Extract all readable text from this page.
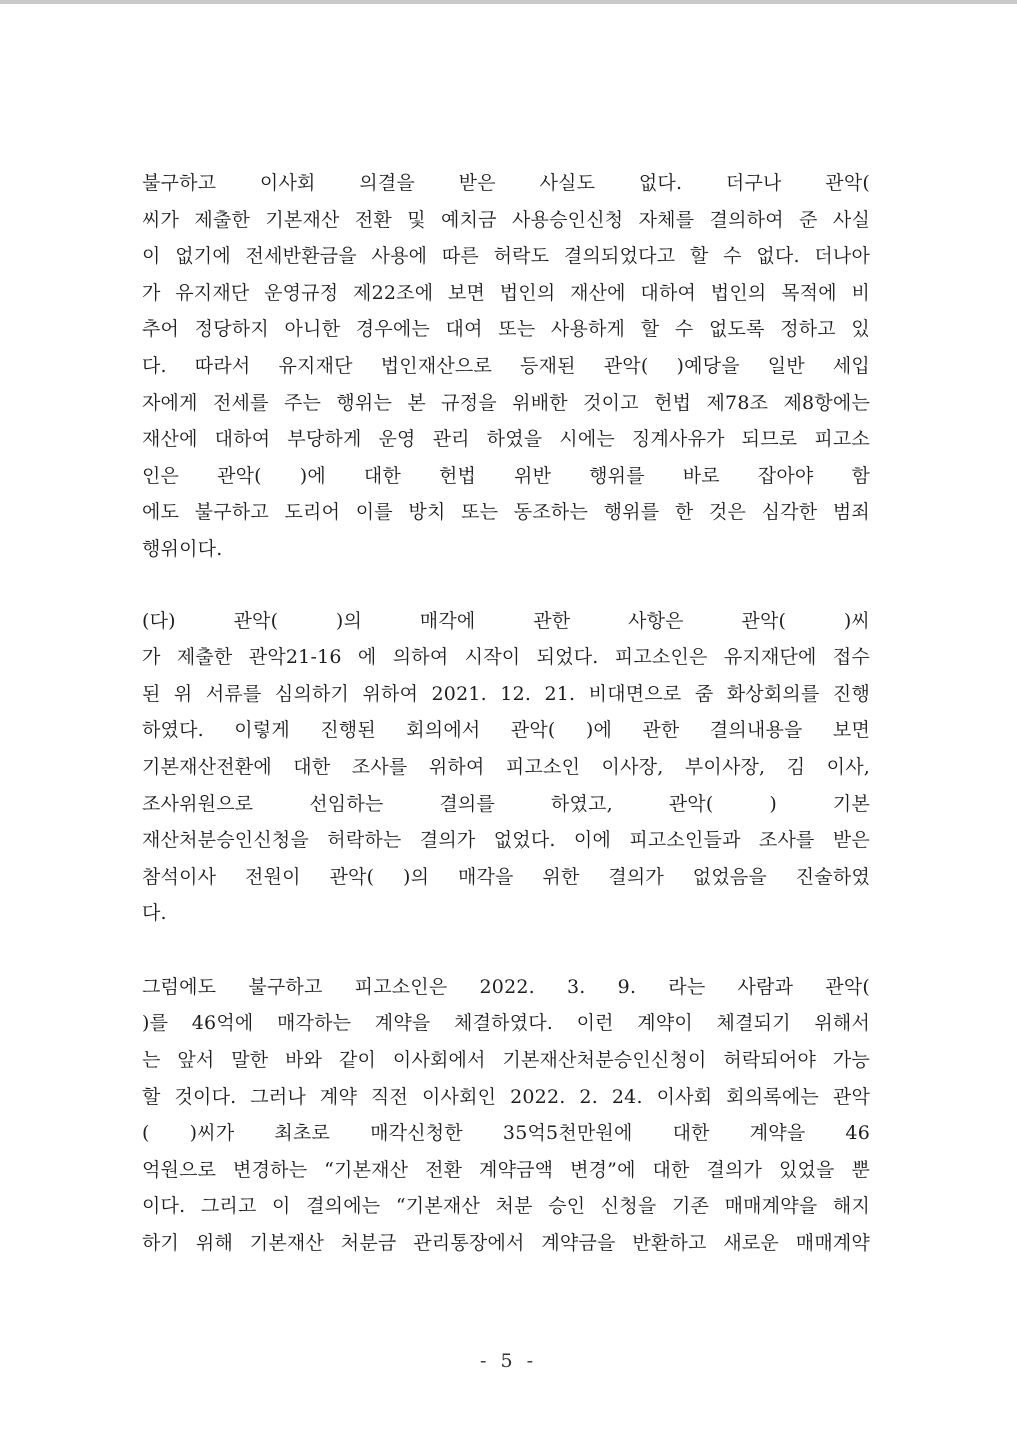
불구하고 이사회 의결을 받은 사실도 없다. 더구나 관악(
씨가 제출한 기본재산 전환 및 예치금 사용승인신청 자체를 결의하여 준 사실
이 없기에 전세반환금을 사용에 따른 허락도 결의되었다고 할 수 없다. 더나아
가 유지재단 운영규정 제22조에 보면 법인의 재산에 대하여 법인의 목적에 비
추어 정당하지 아니한 경우에는 대여 또는 사용하게 할 수 없도록 정하고 있
다. 따라서 유지재단 법인재산으로 등재된 관악( )예당을 일반 세입
자에게 전세를 주는 행위는 본 규정을 위배한 것이고 헌법 제78조 제8항에는
재산에 대하여 부당하게 운영 관리 하였을 시에는 징계사유가 되므로 피고소
인은 관악( )에 대한 헌법 위반 행위를 바로 잡아야 함
에도 불구하고 도리어 이를 방치 또는 동조하는 행위를 한 것은 심각한 범죄
행위이다.
(다) 관악( )의 매각에 관한 사항은 관악( )씨
가 제출한 관악21-16 에 의하여 시작이 되었다. 피고소인은 유지재단에 접수
된 위 서류를 심의하기 위하여 2021. 12. 21. 비대면으로 줌 화상회의를 진행
하였다. 이렇게 진행된 회의에서 관악( )에 관한 결의내용을 보면
기본재산전환에 대한 조사를 위하여 피고소인 이사장, 부이사장, 김 이사,
조사위원으로 선임하는 결의를 하였고, 관악( ) 기본
재산처분승인신청을 허락하는 결의가 없었다. 이에 피고소인들과 조사를 받은
참석이사 전원이 관악( )의 매각을 위한 결의가 없었음을 진술하였
다.
그럼에도 불구하고 피고소인은 2022. 3. 9. 라는 사람과 관악(
)를 46억에 매각하는 계약을 체결하였다. 이런 계약이 체결되기 위해서
는 앞서 말한 바와 같이 이사회에서 기본재산처분승인신청이 허락되어야 가능
할 것이다. 그러나 계약 직전 이사회인 2022. 2. 24. 이사회 회의록에는 관악
( )씨가 최초로 매각신청한 35억5천만원에 대한 계약을 46
억원으로 변경하는 “기본재산 전환 계약금액 변경”에 대한 결의가 있었을 뿐
이다. 그리고 이 결의에는 “기본재산 처분 승인 신청을 기존 매매계약을 해지
하기 위해 기본재산 처분금 관리통장에서 계약금을 반환하고 새로운 매매계약
- 5 -
